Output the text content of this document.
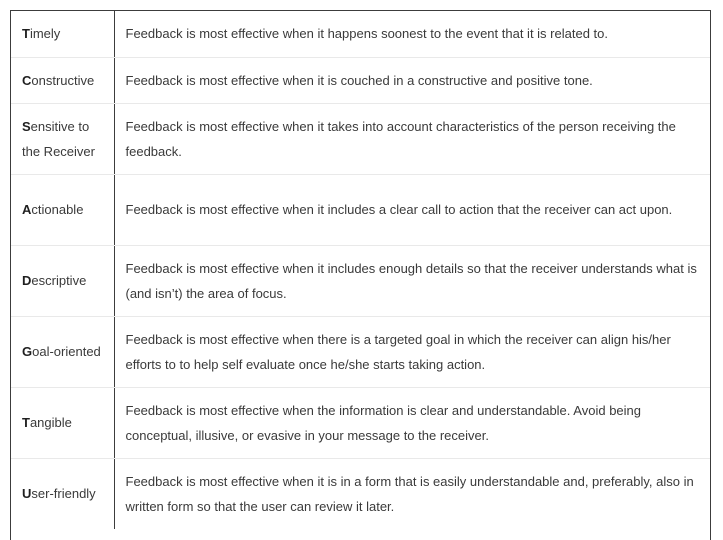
Timely	Feedback is most effective when it happens soonest to the event that it is related to.
Constructive	Feedback is most effective when it is couched in a constructive and positive tone.
Sensitive to the Receiver	Feedback is most effective when it takes into account characteristics of the person receiving the feedback.
Actionable	Feedback is most effective when it includes a clear call to action that the receiver can act upon.
Descriptive	Feedback is most effective when it includes enough details so that the receiver understands what is (and isn’t) the area of focus.
Goal-oriented	Feedback is most effective when there is a targeted goal in which the receiver can align his/her efforts to to help self evaluate once he/she starts taking action.
Tangible	Feedback is most effective when the information is clear and understandable. Avoid being conceptual, illusive, or evasive in your message to the receiver.
User-friendly	Feedback is most effective when it is in a form that is easily understandable and, preferably, also in written form so that the user can review it later.
